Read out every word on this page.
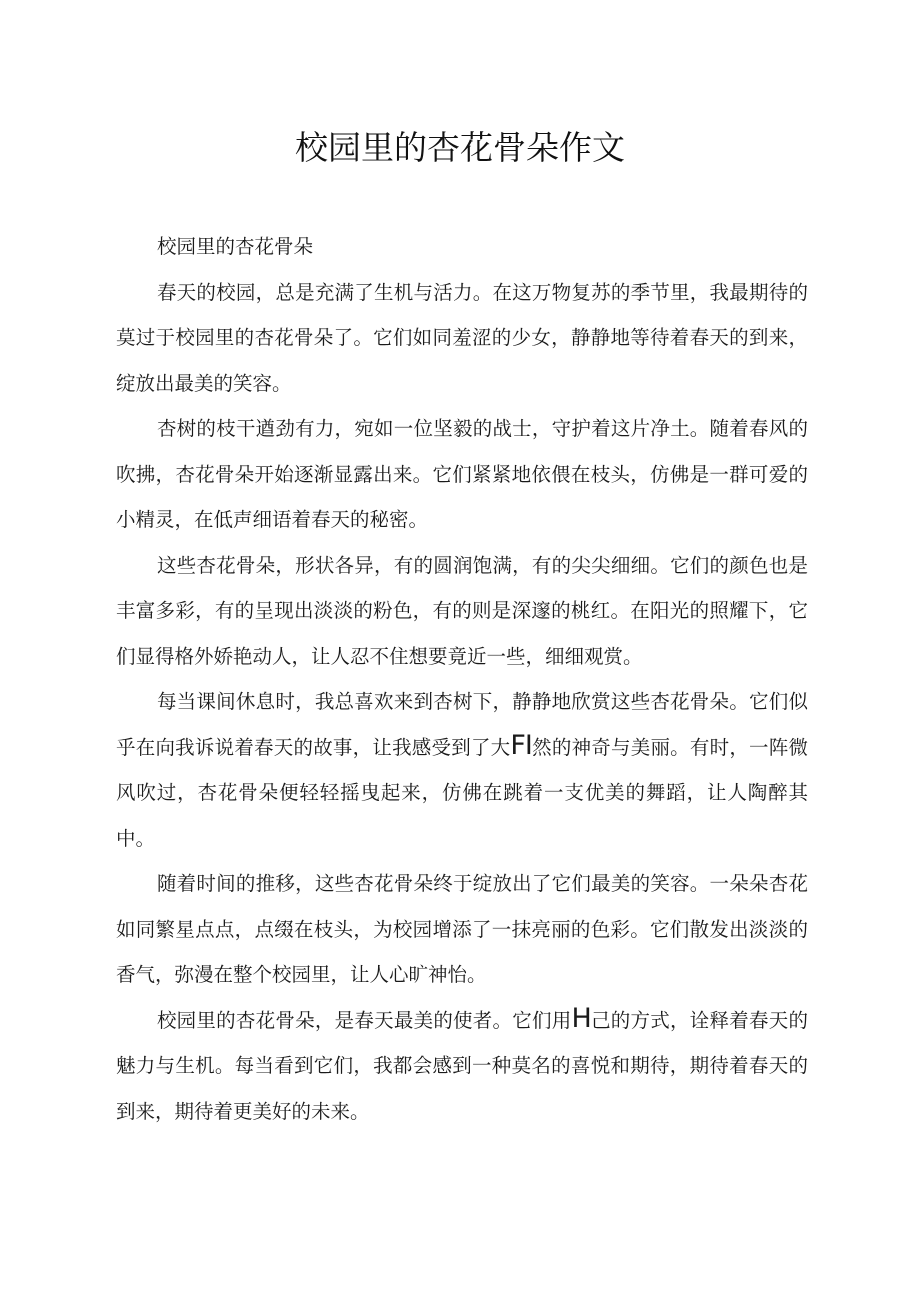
校园里的杏花骨朵作文

校园里的杏花骨朵

春天的校园，总是充满了生机与活力。在这万物复苏的季节里，我最期待的莫过于校园里的杏花骨朵了。它们如同羞涩的少女，静静地等待着春天的到来，绽放出最美的笑容。

杏树的枝干遒劲有力，宛如一位坚毅的战士，守护着这片净土。随着春风的吹拂，杏花骨朵开始逐渐显露出来。它们紧紧地依偎在枝头，仿佛是一群可爱的小精灵，在低声细语着春天的秘密。

这些杏花骨朵，形状各异，有的圆润饱满，有的尖尖细细。它们的颜色也是丰富多彩，有的呈现出淡淡的粉色，有的则是深邃的桃红。在阳光的照耀下，它们显得格外娇艳动人，让人忍不住想要竟近一些，细细观赏。

每当课间休息时，我总喜欢来到杏树下，静静地欣赏这些杏花骨朵。它们似乎在向我诉说着春天的故事，让我感受到了大FI然的神奇与美丽。有时，一阵微风吹过，杏花骨朵便轻轻摇曳起来，仿佛在跳着一支优美的舞蹈，让人陶醉其中。

随着时间的推移，这些杏花骨朵终于绽放出了它们最美的笑容。一朵朵杏花如同繁星点点，点缀在枝头，为校园增添了一抹亮丽的色彩。它们散发出淡淡的香气，弥漫在整个校园里，让人心旷神怡。

校园里的杏花骨朵，是春天最美的使者。它们用H己的方式，诠释着春天的魅力与生机。每当看到它们，我都会感到一种莫名的喜悦和期待，期待着春天的到来，期待着更美好的未来。
